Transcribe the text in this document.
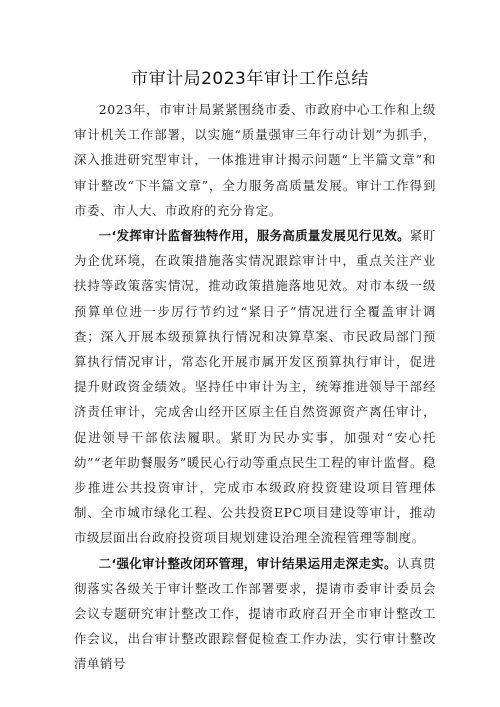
市审计局2023年审计工作总结

2023年，市审计局紧紧围绕市委、市政府中心工作和上级审计机关工作部署，以实施“质量强审三年行动计划”为抓手，深入推进研究型审计，一体推进审计揭示问题“上半篇文章”和审计整改“下半篇文章”，全力服务高质量发展。审计工作得到市委、市人大、市政府的充分肯定。

一‘发挥审计监督独特作用，服务高质量发展见行见效。紧盯为企优环境，在政策措施落实情况跟踪审计中，重点关注产业扶持等政策落实情况，推动政策措施落地见效。对市本级一级预算单位进一步厉行节约过“紧日子”情况进行全覆盖审计调查；深入开展本级预算执行情况和决算草案、市民政局部门预算执行情况审计，常态化开展市属开发区预算执行审计，促进提升财政资金绩效。坚持任中审计为主，统筹推进领导干部经济责任审计，完成舍山经开区原主任自然资源资产离任审计，促进领导干部依法履职。紧盯为民办实事，加强对“安心托幼”“老年助餐服务”暖民心行动等重点民生工程的审计监督。稳步推进公共投资审计，完成市本级政府投资建设项目管理体制、全市城市绿化工程、公共投资EPC项目建设等审计，推动市级层面出台政府投资项目规划建设治理全流程管理等制度。

二‘强化审计整改闭环管理，审计结果运用走深走实。认真贯彻落实各级关于审计整改工作部署要求，提请市委审计委员会会议专题研究审计整改工作，提请市政府召开全市审计整改工作会议，出台审计整改跟踪督促检查工作办法，实行审计整改清单销号
